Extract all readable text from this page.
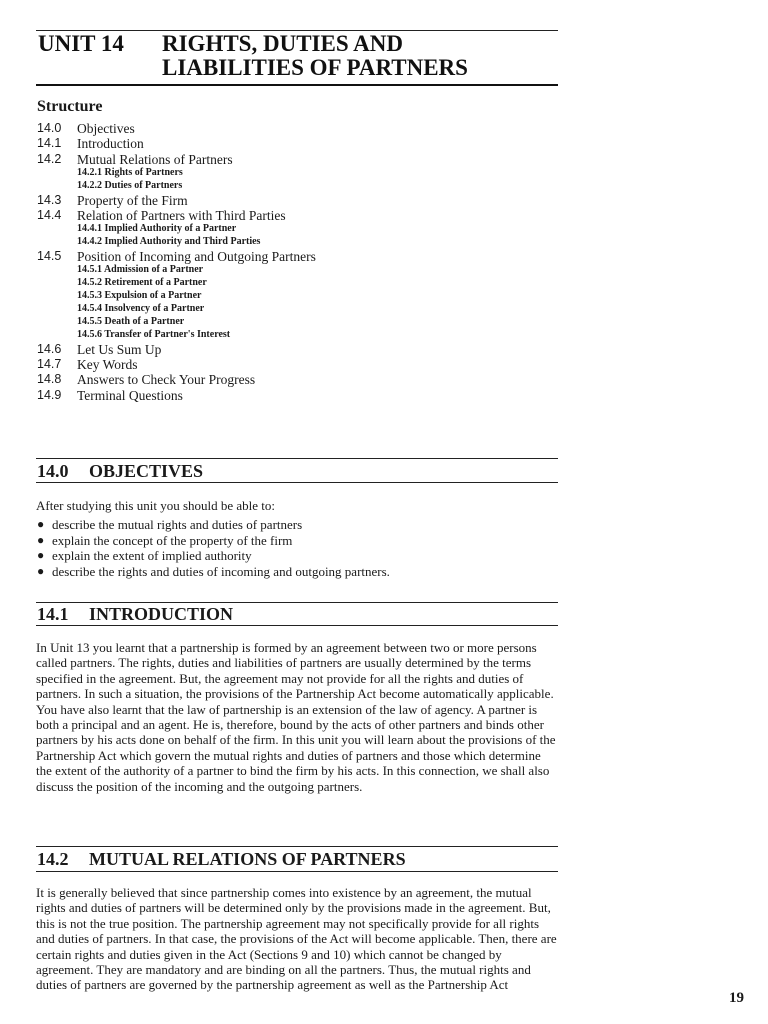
UNIT 14 RIGHTS, DUTIES AND
LIABILITIES OF PARTNERS
Structure
14.0 Objectives
14.1 Introduction
14.2 Mutual Relations of Partners
14.2.1 Rights of Partners
14.2.2 Duties of Partners
14.3 Property of the Firm
14.4 Relation of Partners with Third Parties
14.4.1 Implied Authority of a Partner
14.4.2 Implied Authority and Third Parties
14.5 Position of Incoming and Outgoing Partners
14.5.1 Admission of a Partner
14.5.2 Retirement of a Partner
14.5.3 Expulsion of a Partner
14.5.4 Insolvency of a Partner
14.5.5 Death of a Partner
14.5.6 Transfer of Partner's Interest
14.6 Let Us Sum Up
14.7 Key Words
14.8 Answers to Check Your Progress
14.9 Terminal Questions
14.0 OBJECTIVES
After studying this unit you should be able to:
● describe the mutual rights and duties of partners
● explain the concept of the property of the firm
● explain the extent of implied authority
● describe the rights and duties of incoming and outgoing partners.
14.1 INTRODUCTION
In Unit 13 you learnt that a partnership is formed by an agreement between two or more persons called partners. The rights, duties and liabilities of partners are usually determined by the terms specified in the agreement. But, the agreement may not provide for all the rights and duties of partners. In such a situation, the provisions of the Partnership Act become automatically applicable. You have also learnt that the law of partnership is an extension of the law of agency. A partner is both a principal and an agent. He is, therefore, bound by the acts of other partners and binds other partners by his acts done on behalf of the firm. In this unit you will learn about the provisions of the Partnership Act which govern the mutual rights and duties of partners and those which determine the extent of the authority of a partner to bind the firm by his acts. In this connection, we shall also discuss the position of the incoming and the outgoing partners.
14.2 MUTUAL RELATIONS OF PARTNERS
It is generally believed that since partnership comes into existence by an agreement, the mutual rights and duties of partners will be determined only by the provisions made in the agreement. But, this is not the true position. The partnership agreement may not specifically provide for all rights and duties of partners. In that case, the provisions of the Act will become applicable. Then, there are certain rights and duties given in the Act (Sections 9 and 10) which cannot be changed by agreement. They are mandatory and are binding on all the partners. Thus, the mutual rights and duties of partners are governed by the partnership agreement as well as the Partnership Act
19
